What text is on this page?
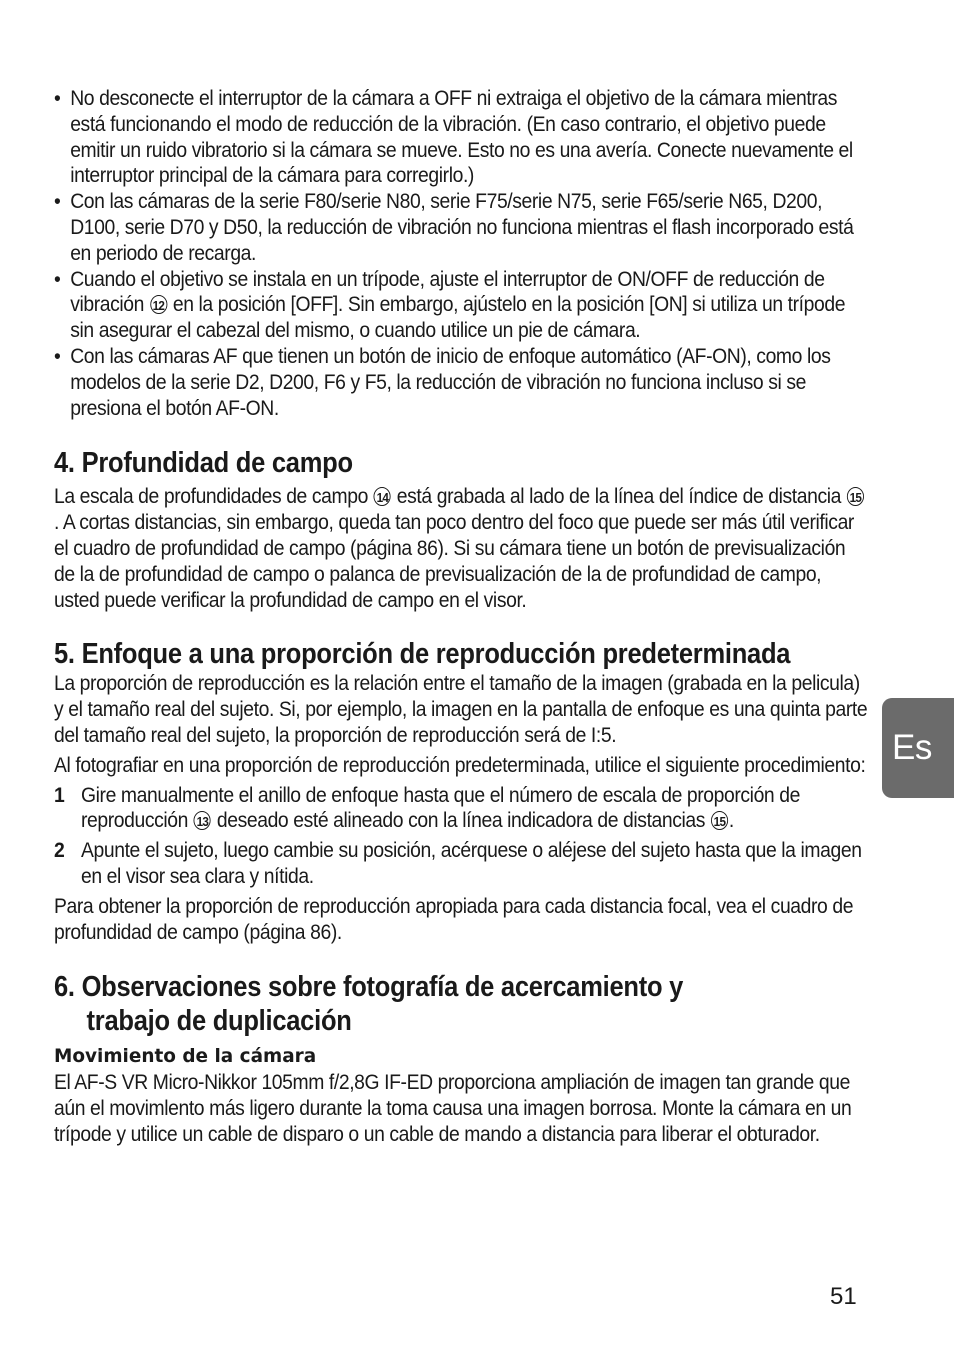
• No desconecte el interruptor de la cámara a OFF ni extraiga el objetivo de la cámara mientras está funcionando el modo de reducción de la vibración. (En caso contrario, el objetivo puede emitir un ruido vibratorio si la cámara se mueve. Esto no es una avería. Conecte nuevamente el interruptor principal de la cámara para corregirlo.)
• Con las cámaras de la serie F80/serie N80, serie F75/serie N75, serie F65/serie N65, D200, D100, serie D70 y D50, la reducción de vibración no funciona mientras el flash incorporado está en periodo de recarga.
• Cuando el objetivo se instala en un trípode, ajuste el interruptor de ON/OFF de reducción de vibración 12 en la posición [OFF]. Sin embargo, ajústelo en la posición [ON] si utiliza un trípode sin asegurar el cabezal del mismo, o cuando utilice un pie de cámara.
• Con las cámaras AF que tienen un botón de inicio de enfoque automático (AF-ON), como los modelos de la serie D2, D200, F6 y F5, la reducción de vibración no funciona incluso si se presiona el botón AF-ON.
4. Profundidad de campo

La escala de profundidades de campo 14 está grabada al lado de la línea del índice de distancia 15. A cortas distancias, sin embargo, queda tan poco dentro del foco que puede ser más útil verificar el cuadro de profundidad de campo (página 86). Si su cámara tiene un botón de previsualización de la de profundidad de campo o palanca de previsualización de la de profundidad de campo, usted puede verificar la profundidad de campo en el visor.

5. Enfoque a una proporción de reproducción predeterminada

La proporción de reproducción es la relación entre el tamaño de la imagen (grabada en la pelicula) y el tamaño real del sujeto. Si, por ejemplo, la imagen en la pantalla de enfoque es una quinta parte del tamaño real del sujeto, la proporción de reproducción será de I:5.

Al fotografiar en una proporción de reproducción predeterminada, utilice el siguiente procedimiento:

1 Gire manualmente el anillo de enfoque hasta que el número de escala de proporción de reproducción 13 deseado esté alineado con la línea indicadora de distancias 15 .
2 Apunte el sujeto, luego cambie su posición, acérquese o aléjese del sujeto hasta que la imagen en el visor sea clara y nítida.

Para obtener la proporción de reproducción apropiada para cada distancia focal, vea el cuadro de profundidad de campo (página 86).

6. Observaciones sobre fotografía de acercamiento y
trabajo de duplicación
Movimiento de la cámara

El AF-S VR Micro-Nikkor 105mm f/2,8G IF-ED proporciona ampliación de imagen tan grande que aún el movimlento más ligero durante la toma causa una imagen borrosa. Monte la cámara en un trípode y utilice un cable de disparo o un cable de mando a distancia para liberar el obturador.

Es
51
